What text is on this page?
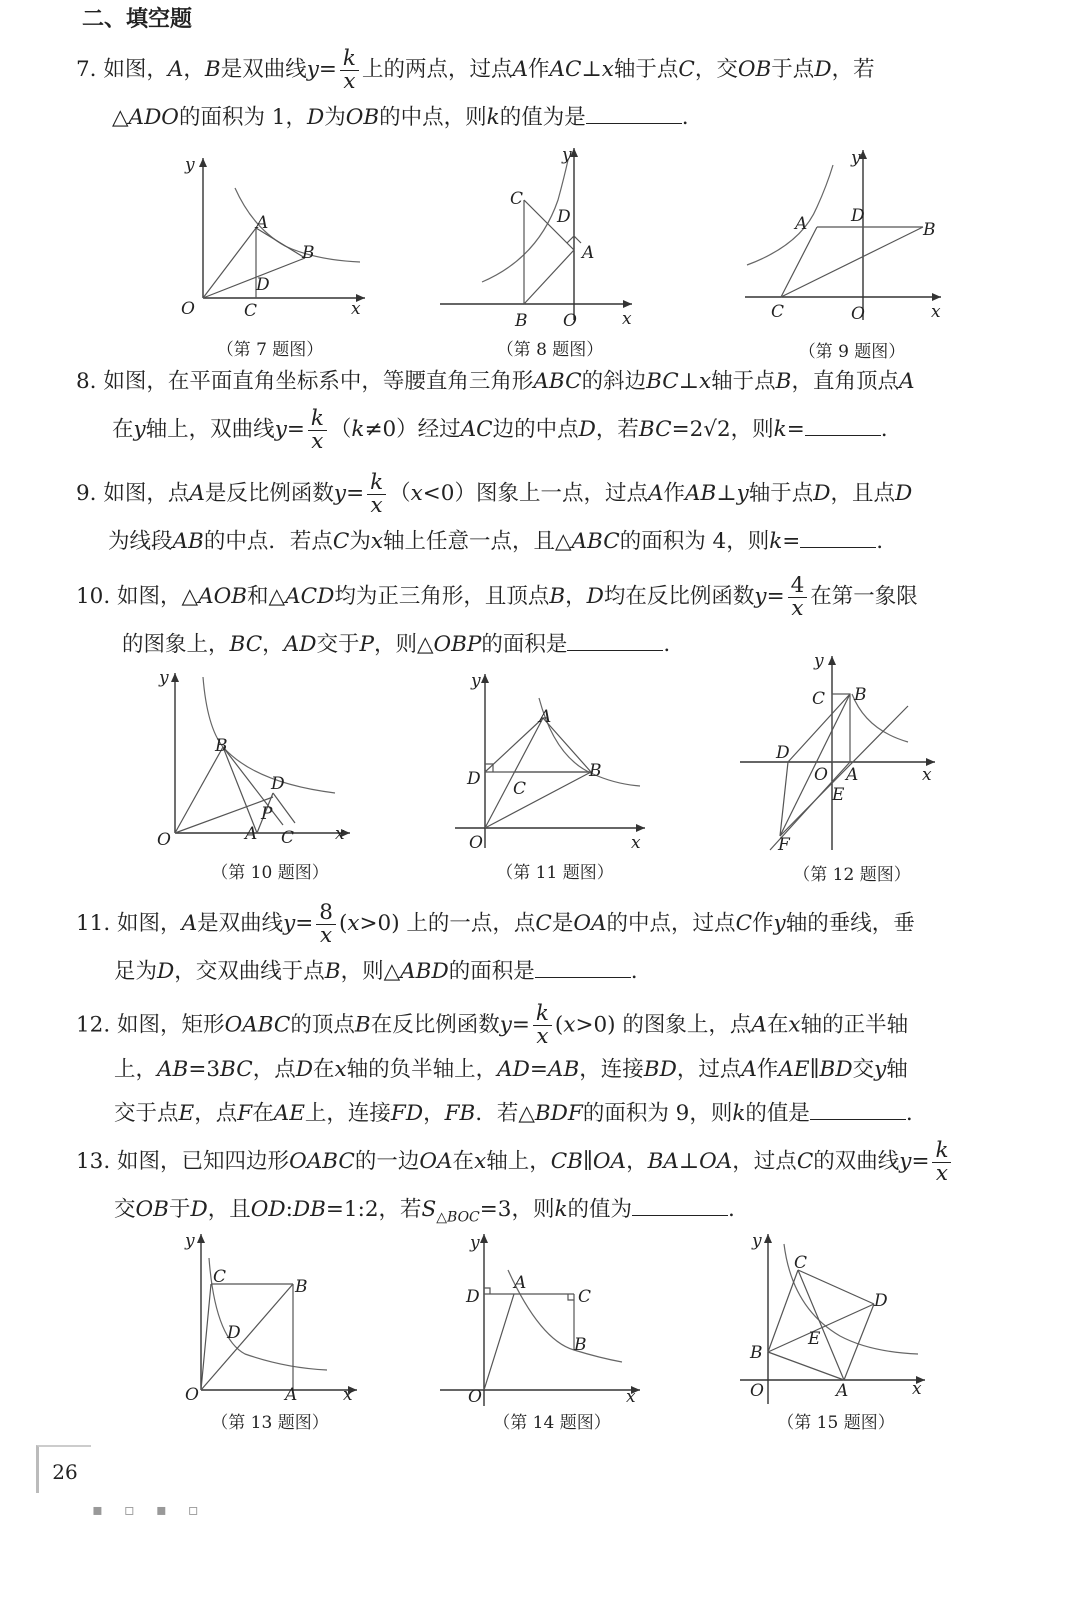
二、填空题
7. 如图，A，B是双曲线$y= \frac{k}{x}$ 上的两点，过点A作AC⊥x轴于点C，交OB于点D，若
△ADO的面积为 1，D为OB的中点，则k的值为是	.
y
A
B
D
O	C	x
（第 7 题图）
y
C
D
A
B O	x
（第 8 题图）
y
A	D
B
C	O	x
（第 9 题图）
8. 如图，在平面直角坐标系中，等腰直角三角形ABC的斜边BC⊥x轴于点B，直角顶点A
在y轴上，双曲线$y= \frac{k}{x} (k\ne 0)$经过AC边的中点D，若BC=2√2，则k=	.
9. 如图，点A是反比例函数$y= \frac{k}{x} (x<0)$图象上一点，过点A作AB⊥y轴于点D，且点D
为线段AB的中点．若点C为x轴上任意一点，且△ABC的面积为 4，则k=	.
10. 如图，△AOB和△ACD均为正三角形，且顶点B，D均在反比例函数$y= \frac{4}{x}$ 在第一象限
的图象上，BC，AD交于P，则△OBP的面积是	.
y
B
D
P
O	A C x
（第 10 题图）
y
A
D C
B
O	x
（第 11 题图）
y
C B
D
O A
E
F
x
（第 12 题图）
11. 如图，A是双曲线$y= \frac{8}{x} (x>0)$ 上的一点，点C是OA的中点，过点C作y轴的垂线，垂
足为D，交双曲线于点B，则△ABD的面积是	.
12. 如图，矩形OABC的顶点B在反比例函数$y= \frac{k}{x} (x>0)$ 的图象上，点A在x轴的正半轴
上，AB=3BC，点D在x轴的负半轴上，AD=AB，连接BD，过点A作AE∥BD交y轴
交于点E，点F在AE上，连接FD，FB．若△BDF的面积为 9，则k的值是	.
13. 如图，已知四边形OABC的一边OA在x轴上，CB∥OA，BA⊥OA，过点C的双曲线$y= \frac{k}{x}$
交OB于D，且OD:DB=1:2，若$S_{\triangle BOC}=3$，则k的值为	.
y
C	B
D
O	A	x
（第 13 题图）
y
D
A
C
B
O	x
（第 14 题图）
y
C
D
E
B
O	A	x
（第 15 题图）
26
▪ ▫ ▪ ▫
